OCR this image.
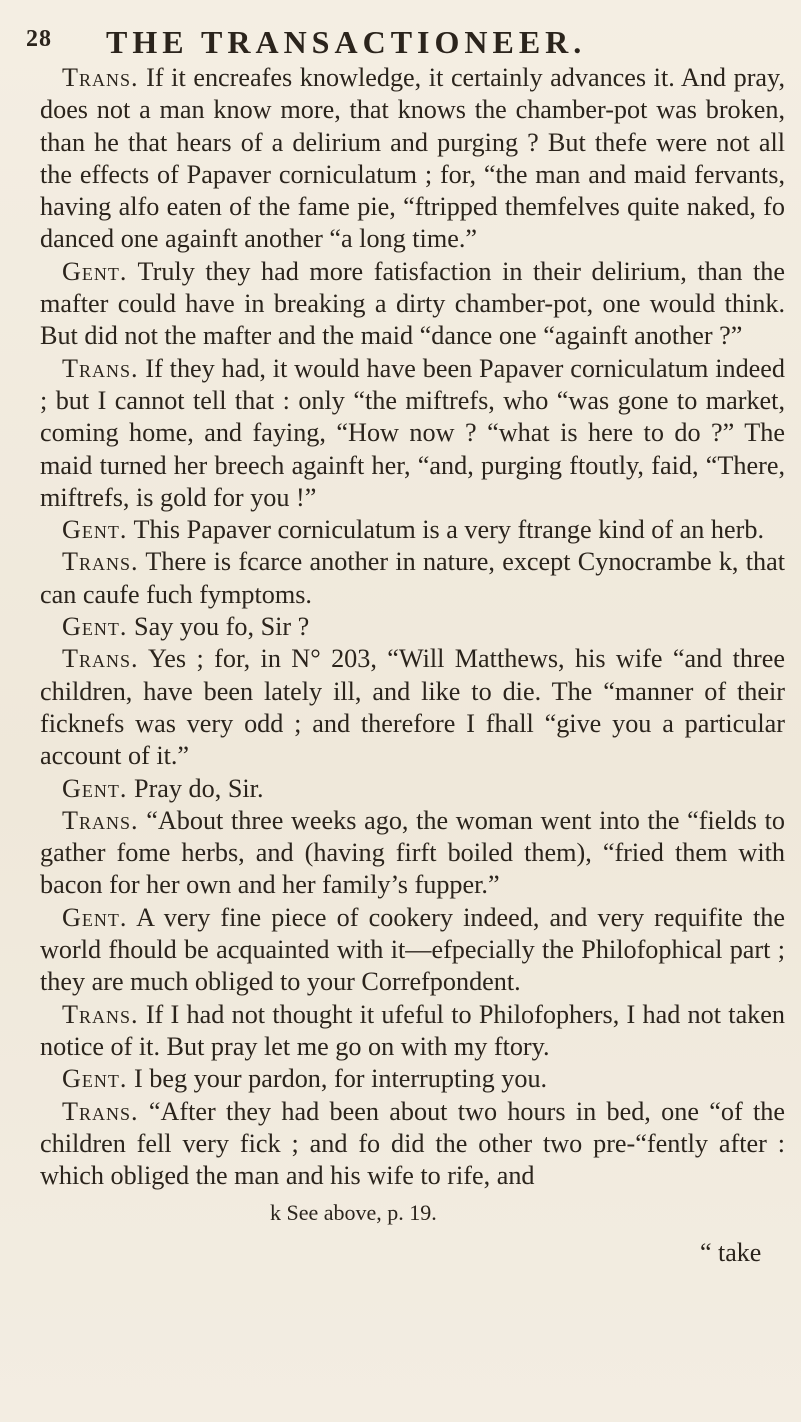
28 THE TRANSACTIONEER.

Trans. If it encreafes knowledge, it certainly advances it. And pray, does not a man know more, that knows the chamber-pot was broken, than he that hears of a delirium and purging ? But thefe were not all the effects of Papaver corniculatum ; for, “the man and maid fervants, having alfo eaten of the fame pie, “ftripped themfelves quite naked, fo danced one againft another “a long time.”

Gent. Truly they had more fatisfaction in their delirium, than the mafter could have in breaking a dirty chamber-pot, one would think. But did not the mafter and the maid “dance one “againft another ?”

Trans. If they had, it would have been Papaver corniculatum indeed ; but I cannot tell that : only “the miftrefs, who “was gone to market, coming home, and faying, “How now ? “what is here to do ?” The maid turned her breech againft her, “and, purging ftoutly, faid, “There, miftrefs, is gold for you !”

Gent. This Papaver corniculatum is a very ftrange kind of an herb.

Trans. There is fcarce another in nature, except Cynocrambe k, that can caufe fuch fymptoms.

Gent. Say you fo, Sir ?

Trans. Yes ; for, in N° 203, “Will Matthews, his wife “and three children, have been lately ill, and like to die. The “manner of their ficknefs was very odd ; and therefore I fhall “give you a particular account of it.”

Gent. Pray do, Sir.

Trans. “About three weeks ago, the woman went into the “fields to gather fome herbs, and (having firft boiled them), “fried them with bacon for her own and her family’s fupper.”

Gent. A very fine piece of cookery indeed, and very requifite the world fhould be acquainted with it—efpecially the Philofophical part ; they are much obliged to your Correfpondent.

Trans. If I had not thought it ufeful to Philofophers, I had not taken notice of it. But pray let me go on with my ftory.

Gent. I beg your pardon, for interrupting you.

Trans. “After they had been about two hours in bed, one “of the children fell very fick ; and fo did the other two pre-“fently after : which obliged the man and his wife to rife, and

k See above, p. 19.
“ take
